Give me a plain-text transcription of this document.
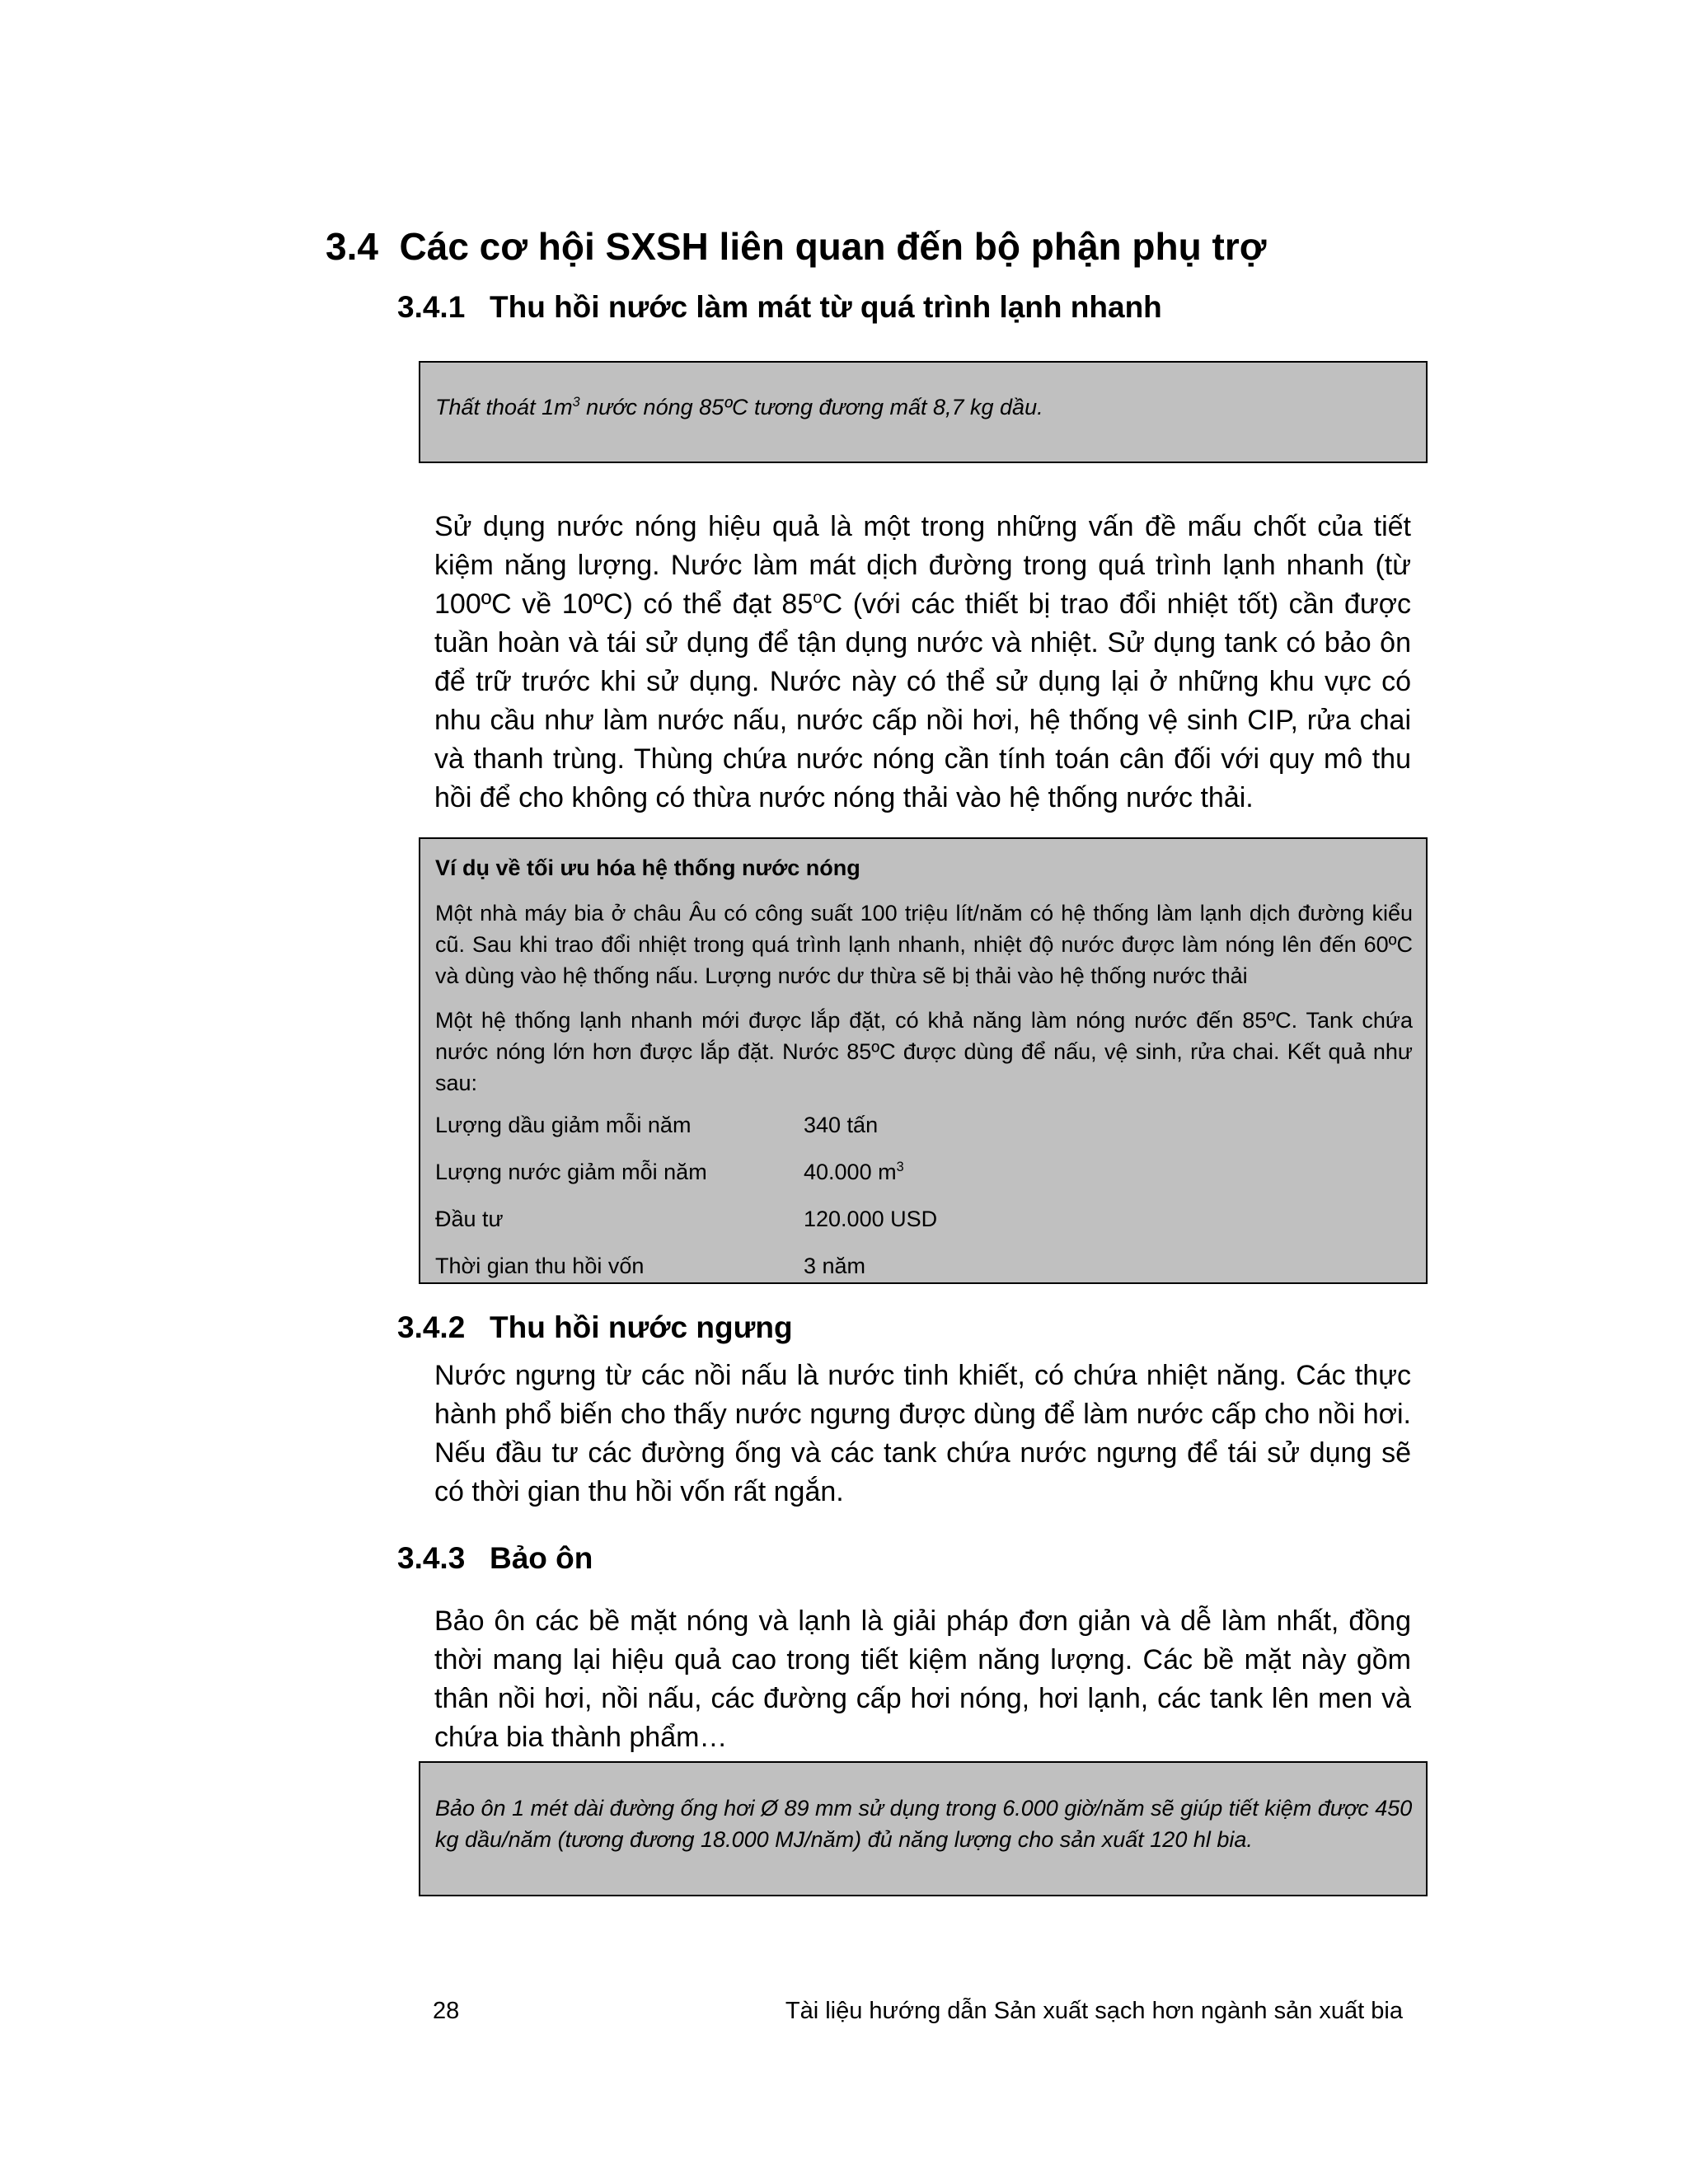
3.4 Các cơ hội SXSH liên quan đến bộ phận phụ trợ
3.4.1 Thu hồi nước làm mát từ quá trình lạnh nhanh
Thất thoát $1m^3$ nước nóng 85ºC tương đương mất 8,7 kg dầu.
Sử dụng nước nóng hiệu quả là một trong những vấn đề mấu chốt của tiết kiệm năng lượng. Nước làm mát dịch đường trong quá trình lạnh nhanh (từ 100ºC về 10ºC) có thể đạt 85$^o$C (với các thiết bị trao đổi nhiệt tốt) cần được tuần hoàn và tái sử dụng để tận dụng nước và nhiệt. Sử dụng tank có bảo ôn để trữ trước khi sử dụng. Nước này có thể sử dụng lại ở những khu vực có nhu cầu như làm nước nấu, nước cấp nồi hơi, hệ thống vệ sinh CIP, rửa chai và thanh trùng. Thùng chứa nước nóng cần tính toán cân đối với quy mô thu hồi để cho không có thừa nước nóng thải vào hệ thống nước thải.

Ví dụ về tối ưu hóa hệ thống nước nóng

Một nhà máy bia ở châu Âu có công suất 100 triệu lít/năm có hệ thống làm lạnh dịch đường kiểu cũ. Sau khi trao đổi nhiệt trong quá trình lạnh nhanh, nhiệt độ nước được làm nóng lên đến 60ºC và dùng vào hệ thống nấu. Lượng nước dư thừa sẽ bị thải vào hệ thống nước thải

Một hệ thống lạnh nhanh mới được lắp đặt, có khả năng làm nóng nước đến 85ºC. Tank chứa nước nóng lớn hơn được lắp đặt. Nước 85ºC được dùng để nấu, vệ sinh, rửa chai. Kết quả như sau:

Lượng dầu giảm mỗi năm	340 tấn
Lượng nước giảm mỗi năm	40.000 $m^3$
Đầu tư	120.000 USD
Thời gian thu hồi vốn	3 năm
3.4.2 Thu hồi nước ngưng
Nước ngưng từ các nồi nấu là nước tinh khiết, có chứa nhiệt năng. Các thực hành phổ biến cho thấy nước ngưng được dùng để làm nước cấp cho nồi hơi. Nếu đầu tư các đường ống và các tank chứa nước ngưng để tái sử dụng sẽ có thời gian thu hồi vốn rất ngắn.
3.4.3 Bảo ôn
Bảo ôn các bề mặt nóng và lạnh là giải pháp đơn giản và dễ làm nhất, đồng thời mang lại hiệu quả cao trong tiết kiệm năng lượng. Các bề mặt này gồm thân nồi hơi, nồi nấu, các đường cấp hơi nóng, hơi lạnh, các tank lên men và chứa bia thành phẩm…
Bảo ôn 1 mét dài đường ống hơi Ø 89 mm sử dụng trong 6.000 giờ/năm sẽ giúp tiết kiệm được 450 kg dầu/năm (tương đương 18.000 MJ/năm) đủ năng lượng cho sản xuất 120 hl bia.
28	Tài liệu hướng dẫn Sản xuất sạch hơn ngành sản xuất bia
